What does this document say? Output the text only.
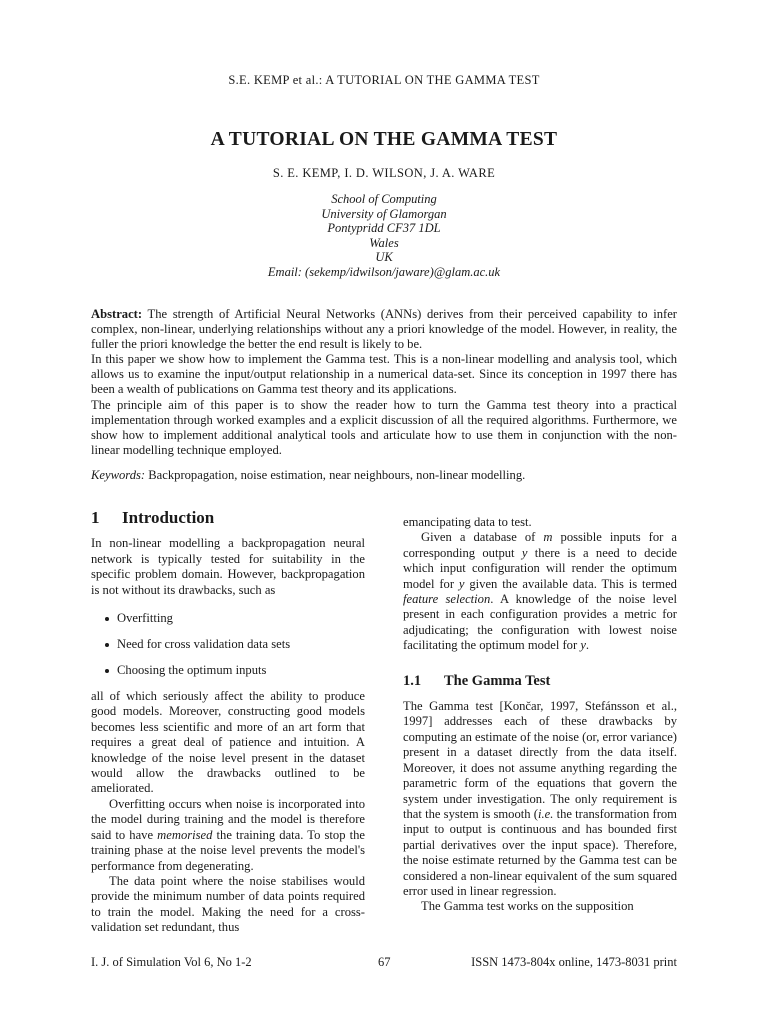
S.E. KEMP et al.: A TUTORIAL ON THE GAMMA TEST
A TUTORIAL ON THE GAMMA TEST
S. E. KEMP, I. D. WILSON, J. A. WARE
School of Computing
University of Glamorgan
Pontypridd CF37 1DL
Wales
UK
Email: (sekemp/idwilson/jaware)@glam.ac.uk

Abstract: The strength of Artificial Neural Networks (ANNs) derives from their perceived capability to infer complex, non-linear, underlying relationships without any a priori knowledge of the model. However, in reality, the fuller the priori knowledge the better the end result is likely to be.

In this paper we show how to implement the Gamma test. This is a non-linear modelling and analysis tool, which allows us to examine the input/output relationship in a numerical data-set. Since its conception in 1997 there has been a wealth of publications on Gamma test theory and its applications.

The principle aim of this paper is to show the reader how to turn the Gamma test theory into a practical implementation through worked examples and a explicit discussion of all the required algorithms. Furthermore, we show how to implement additional analytical tools and articulate how to use them in conjunction with the non-linear modelling technique employed.

Keywords: Backpropagation, noise estimation, near neighbours, non-linear modelling.
1 Introduction

In non-linear modelling a backpropagation neural network is typically tested for suitability in the specific problem domain. However, backpropagation is not without its drawbacks, such as

Overfitting
Need for cross validation data sets
Choosing the optimum inputs

all of which seriously affect the ability to produce good models. Moreover, constructing good models becomes less scientific and more of an art form that requires a great deal of patience and intuition. A knowledge of the noise level present in the dataset would allow the drawbacks outlined to be ameliorated.

Overfitting occurs when noise is incorporated into the model during training and the model is therefore said to have memorised the training data. To stop the training phase at the noise level prevents the model's performance from degenerating.

The data point where the noise stabilises would provide the minimum number of data points required to train the model. Making the need for a cross-validation set redundant, thus

emancipating data to test.

Given a database of m possible inputs for a corresponding output y there is a need to decide which input configuration will render the optimum model for y given the available data. This is termed feature selection. A knowledge of the noise level present in each configuration provides a metric for adjudicating; the configuration with lowest noise facilitating the optimum model for y.

1.1 The Gamma Test

The Gamma test [Končar, 1997, Stefánsson et al., 1997] addresses each of these drawbacks by computing an estimate of the noise (or, error variance) present in a dataset directly from the data itself. Moreover, it does not assume anything regarding the parametric form of the equations that govern the system under investigation. The only requirement is that the system is smooth (i.e. the transformation from input to output is continuous and has bounded first partial derivatives over the input space). Therefore, the noise estimate returned by the Gamma test can be considered a non-linear equivalent of the sum squared error used in linear regression.

The Gamma test works on the supposition

I. J. of Simulation Vol 6, No 1-2	67	ISSN 1473-804x online, 1473-8031 print
